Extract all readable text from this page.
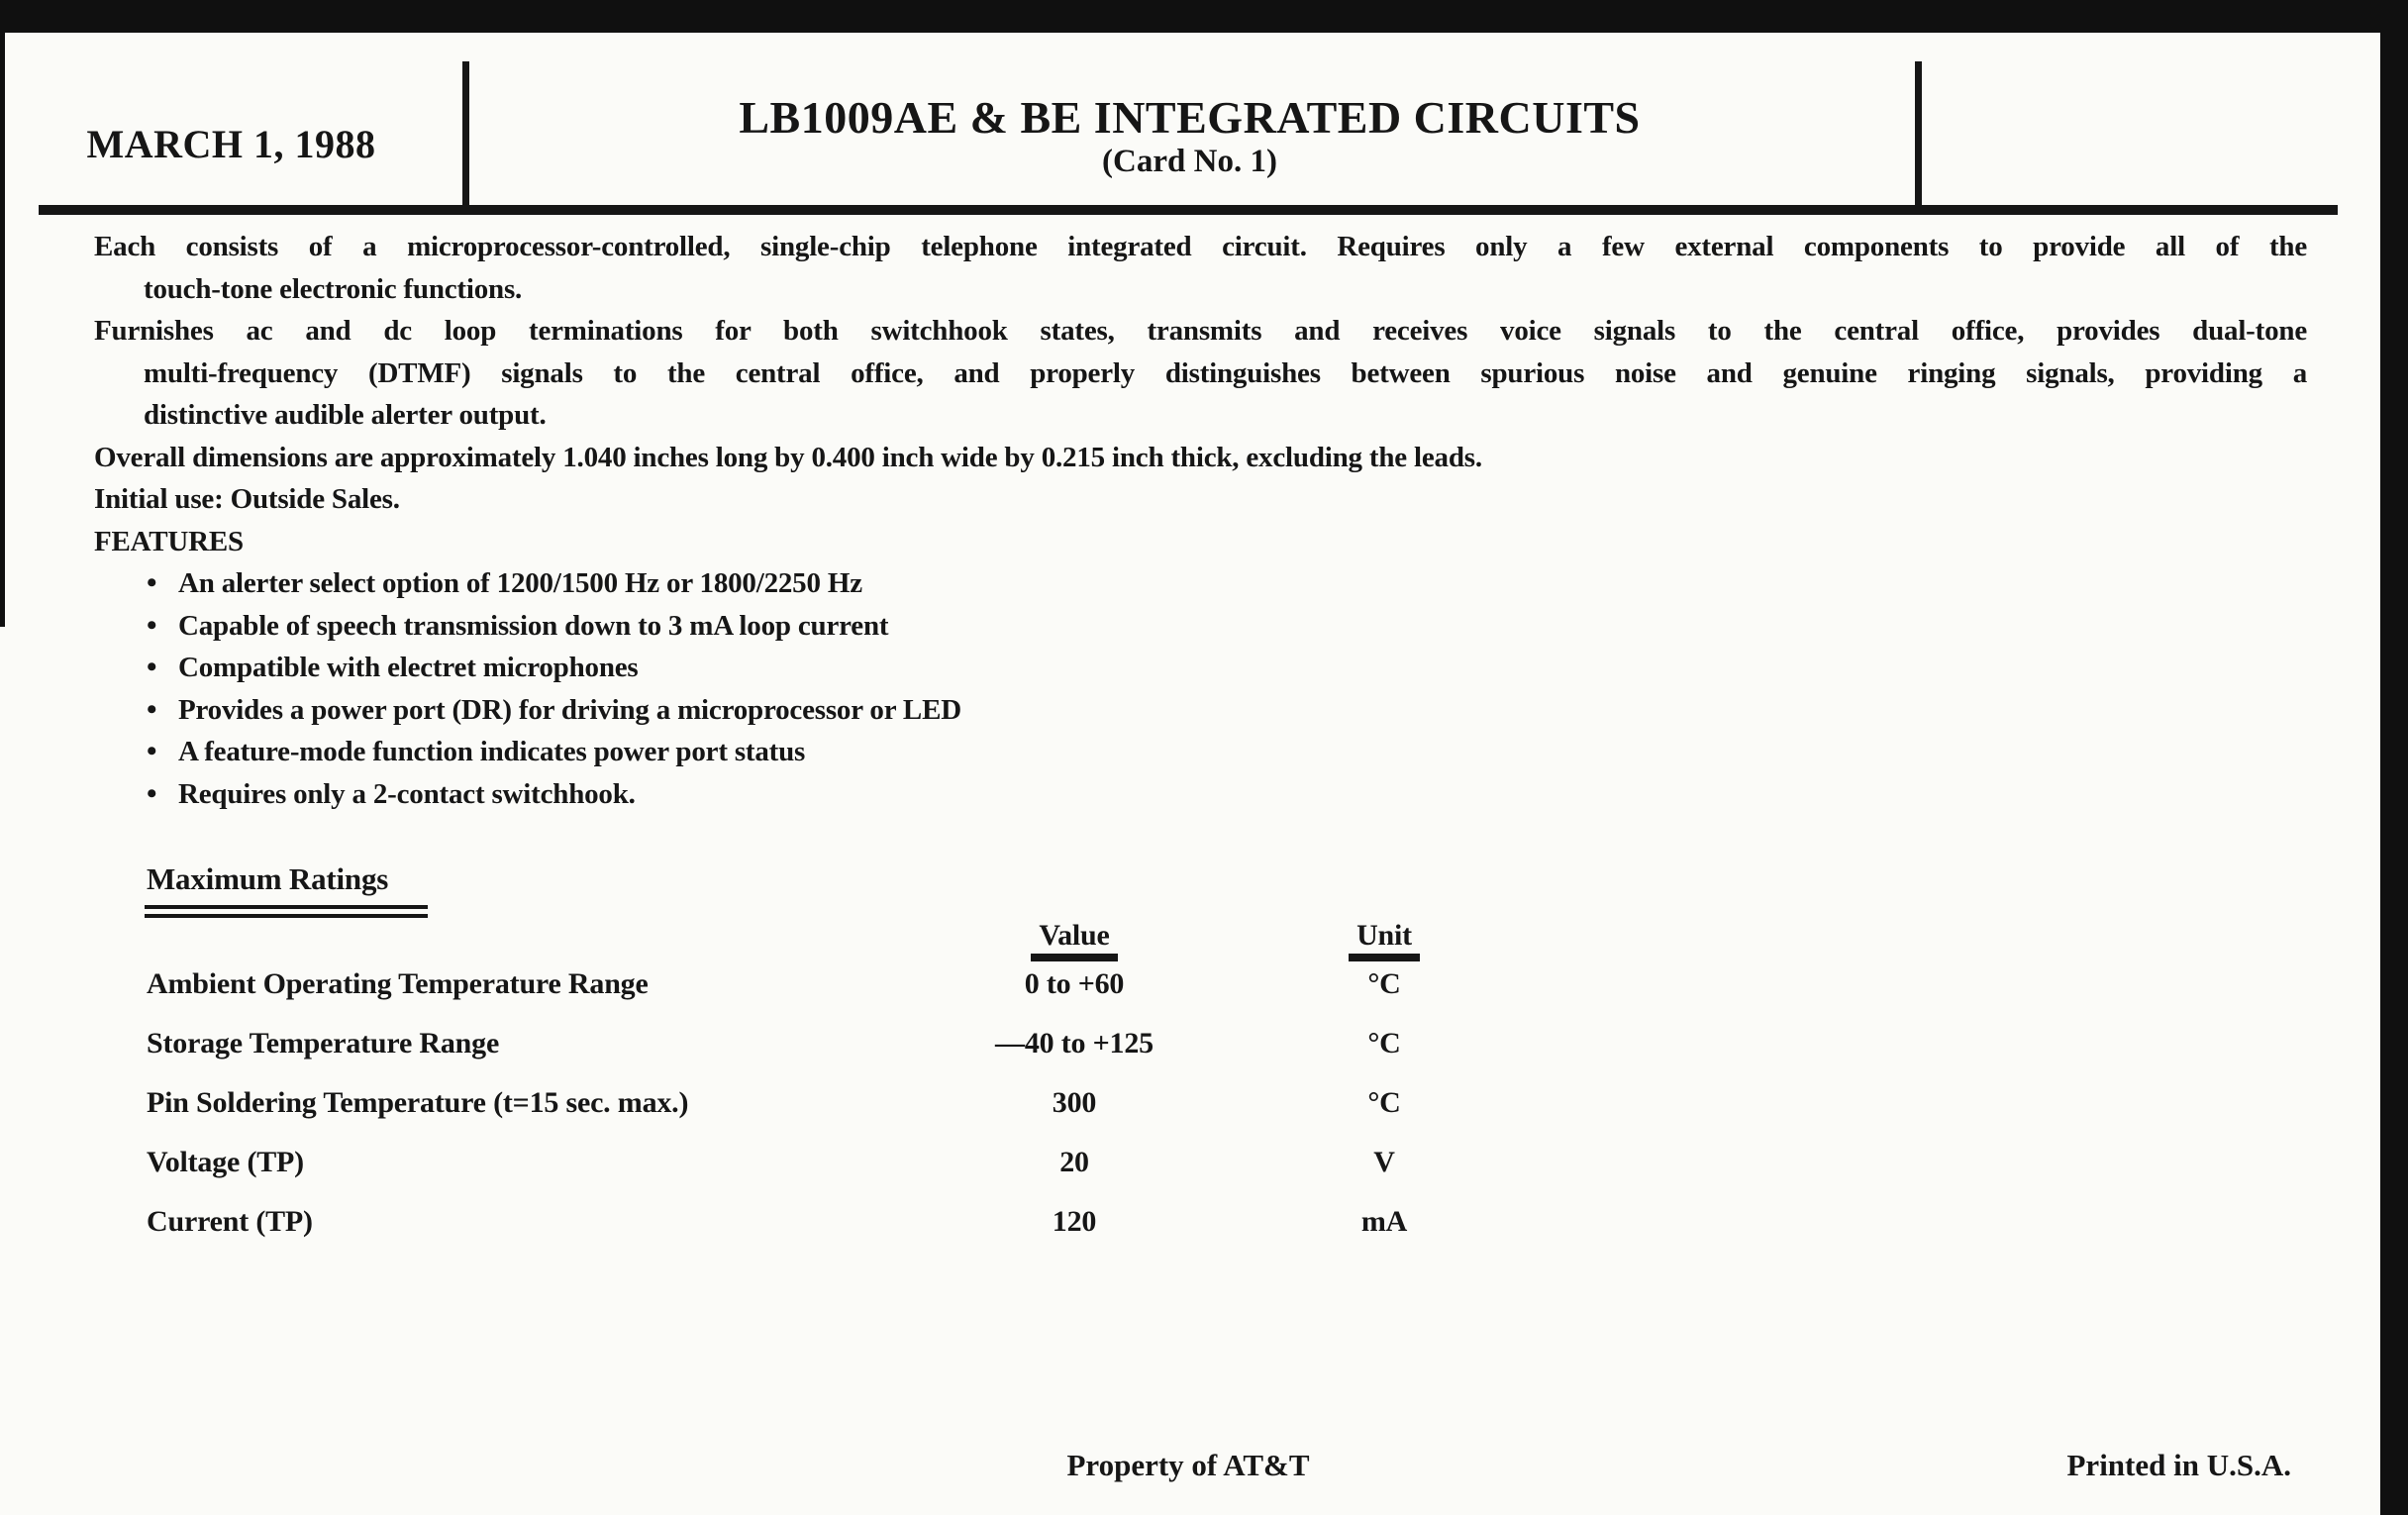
MARCH 1, 1988
LB1009AE & BE INTEGRATED CIRCUITS
(Card No. 1)
Each consists of a microprocessor-controlled, single-chip telephone integrated circuit. Requires only a few external components to provide all of the
touch-tone electronic functions.
Furnishes ac and dc loop terminations for both switchhook states, transmits and receives voice signals to the central office, provides dual-tone
multi-frequency (DTMF) signals to the central office, and properly distinguishes between spurious noise and genuine ringing signals, providing a
distinctive audible alerter output.
Overall dimensions are approximately 1.040 inches long by 0.400 inch wide by 0.215 inch thick, excluding the leads.
Initial use: Outside Sales.
FEATURES
• An alerter select option of 1200/1500 Hz or 1800/2250 Hz
• Capable of speech transmission down to 3 mA loop current
• Compatible with electret microphones
• Provides a power port (DR) for driving a microprocessor or LED
• A feature-mode function indicates power port status
• Requires only a 2-contact switchhook.
Maximum Ratings
Value	Unit
Ambient Operating Temperature Range	0 to +60	°C
Storage Temperature Range	—40 to +125	°C
Pin Soldering Temperature (t=15 sec. max.)	300	°C
Voltage (TP)	20	V
Current (TP)	120	mA
Property of AT&T	Printed in U.S.A.
